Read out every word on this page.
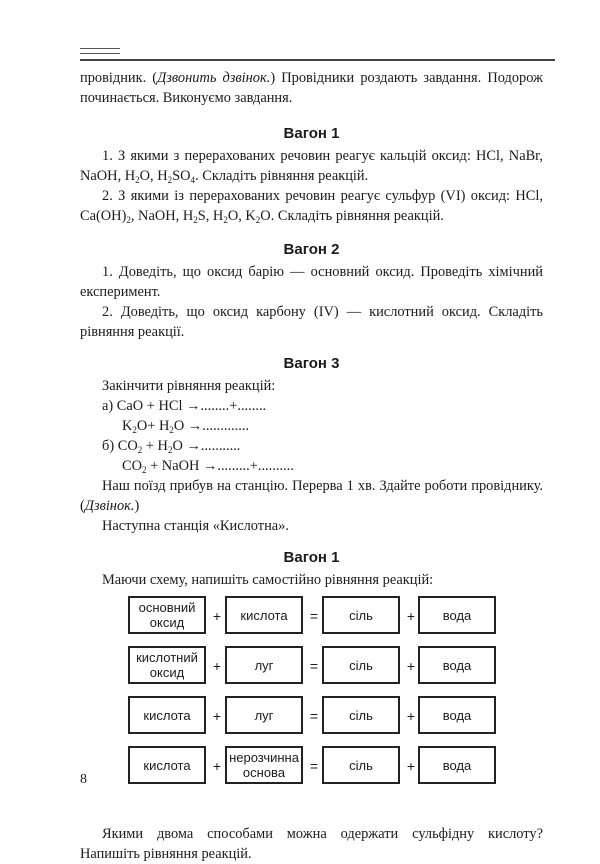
провідник. (Дзвонить дзвінок.) Провідники роздають завдання. Подорож починається. Виконуємо завдання.

Вагон 1

1. З якими з перерахованих речовин реагує кальцій оксид: HCl, NaBr, NaOH, $H_2O$, $H_2SO_4$. Складіть рівняння реакцій.

2. З якими із перерахованих речовин реагує сульфур (VI) оксид: HCl, $Ca(OH)_2$, NaOH, $H_2S$, $H_2O$, $K_2O$. Складіть рівняння реакцій.

Вагон 2

1. Доведіть, що оксид барію — основний оксид. Проведіть хімічний експеримент.

2. Доведіть, що оксид карбону (IV) — кислотний оксид. Складіть рівняння реакції.

Вагон 3

Закінчити рівняння реакцій:

а) CaO + HCl →........+........

$K_2O+ H_2O$ →.............

б) $CO_2 + H_2O$ →...........

$CO_2$ + NaOH →.........+..........

Наш поїзд прибув на станцію. Перерва 1 хв. Здайте роботи провіднику. (Дзвінок.)

Наступна станція «Кислотна».

Вагон 1

Маючи схему, напишіть самостійно рівняння реакцій:

основний оксид	кислота	сіль	вода
+	=	+
кислотний оксид	луг	сіль	вода
+	=	+
кислота	луг	сіль	вода
+	=	+
кислота	нерозчинна основа	сіль	вода
+	=	+

Якими двома способами можна одержати сульфідну кислоту? Напишіть рівняння реакцій.

8
